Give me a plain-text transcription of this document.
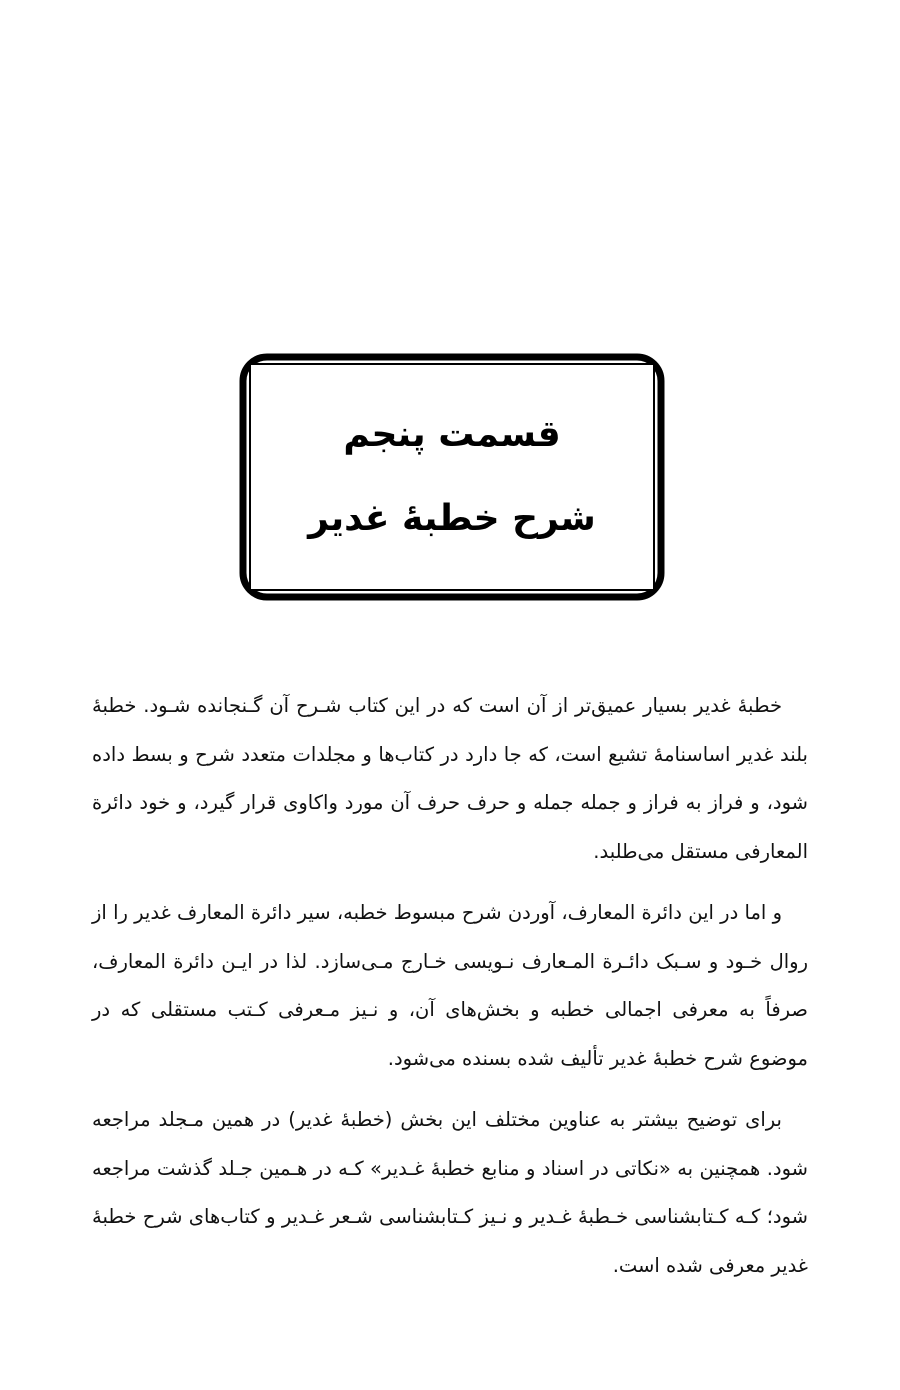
قسمت پنجم
شرح خطبۀ غدیر

خطبۀ غدیر بسیار عمیق‌تر از آن است که در این کتاب شـرح آن گـنجانده شـود. خطبۀ بلند غدیر اساسنامۀ تشیع است، که جا دارد در کتاب‌ها و مجلدات متعدد شرح و بسط داده شود، و فراز به فراز و جمله جمله و حرف حرف آن مورد واکاوی قرار گیرد، و خود دائرة المعارفی مستقل می‌طلبد.

و اما در این دائرة المعارف، آوردن شرح مبسوط خطبه، سیر دائرة المعارف غدیر را از روال خـود و سـبک دائـرة المـعارف نـویسی خـارج مـی‌سازد. لذا در ایـن دائرة المعارف، صرفاً به معرفی اجمالی خطبه و بخش‌های آن، و نـیز مـعرفی کـتب مستقلی که در موضوع شرح خطبۀ غدیر تألیف شده بسنده می‌شود.

برای توضیح بیشتر به عناوین مختلف این بخش (خطبۀ غدیر) در همین مـجلد مراجعه شود. همچنین به «نکاتی در اسناد و منابع خطبۀ غـدیر» کـه در هـمین جـلد گذشت مراجعه شود؛ کـه کـتابشناسی خـطبۀ غـدیر و نـیز کـتابشناسی شـعر غـدیر و کتاب‌های شرح خطبۀ غدیر معرفی شده است.
